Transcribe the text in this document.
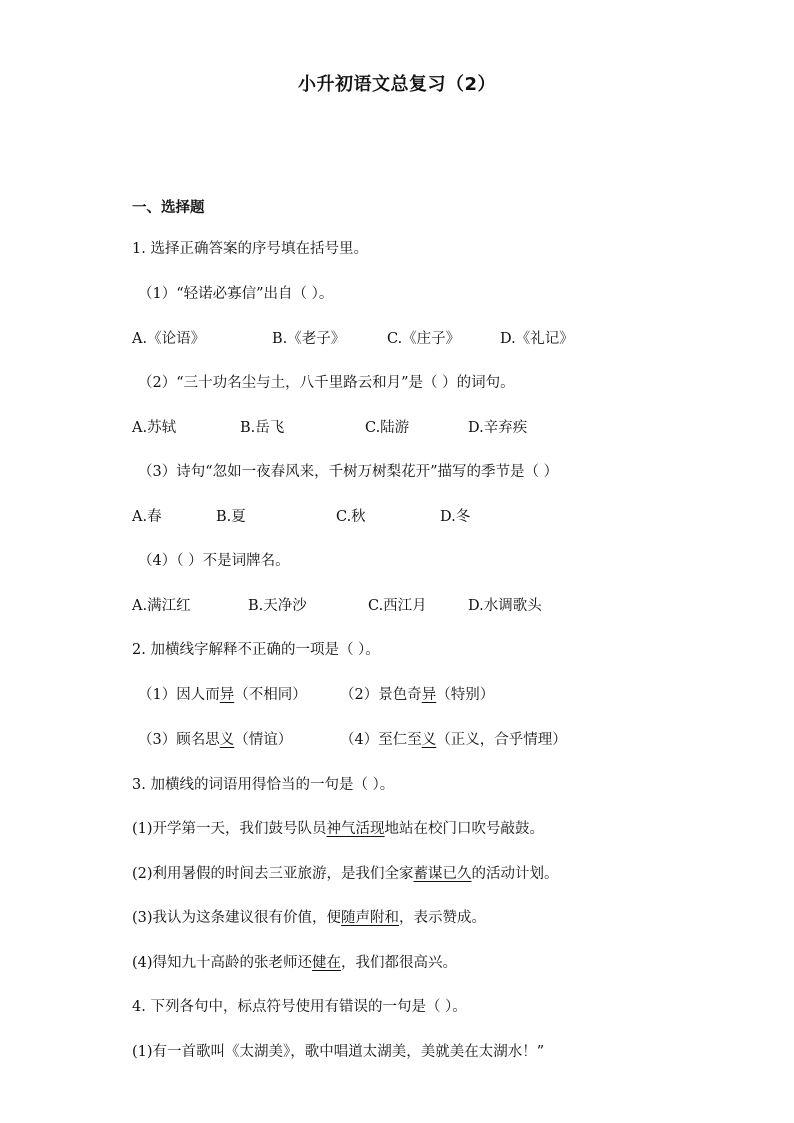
小升初语文总复习（2）
一、选择题
1. 选择正确答案的序号填在括号里。
（1）“轻诺必寡信”出自（ ）。
A.《论语》	B.《老子》	C.《庄子》	D.《礼记》
（2）“三十功名尘与土，八千里路云和月”是（ ）的词句。
A.苏轼	B.岳飞	C.陆游	D.辛弃疾
（3）诗句“忽如一夜春风来，千树万树梨花开”描写的季节是（ ）
A.春	B.夏	C.秋	D.冬
（4）（ ）不是词牌名。
A.满江红	B.天净沙	C.西江月	D.水调歌头
2. 加横线字解释不正确的一项是（ ）。
（1）因人而异（不相同） （2）景色奇异（特别）
（3）顾名思义（情谊）	（4）至仁至义（正义，合乎情理）
3. 加横线的词语用得恰当的一句是（ ）。
(1)开学第一天，我们鼓号队员神气活现地站在校门口吹号敲鼓。
(2)利用暑假的时间去三亚旅游，是我们全家蓄谋已久的活动计划。
(3)我认为这条建议很有价值，便随声附和，表示赞成。
(4)得知九十高龄的张老师还健在，我们都很高兴。
4. 下列各句中，标点符号使用有错误的一句是（ ）。
(1)有一首歌叫《太湖美》，歌中唱道太湖美，美就美在太湖水！”
